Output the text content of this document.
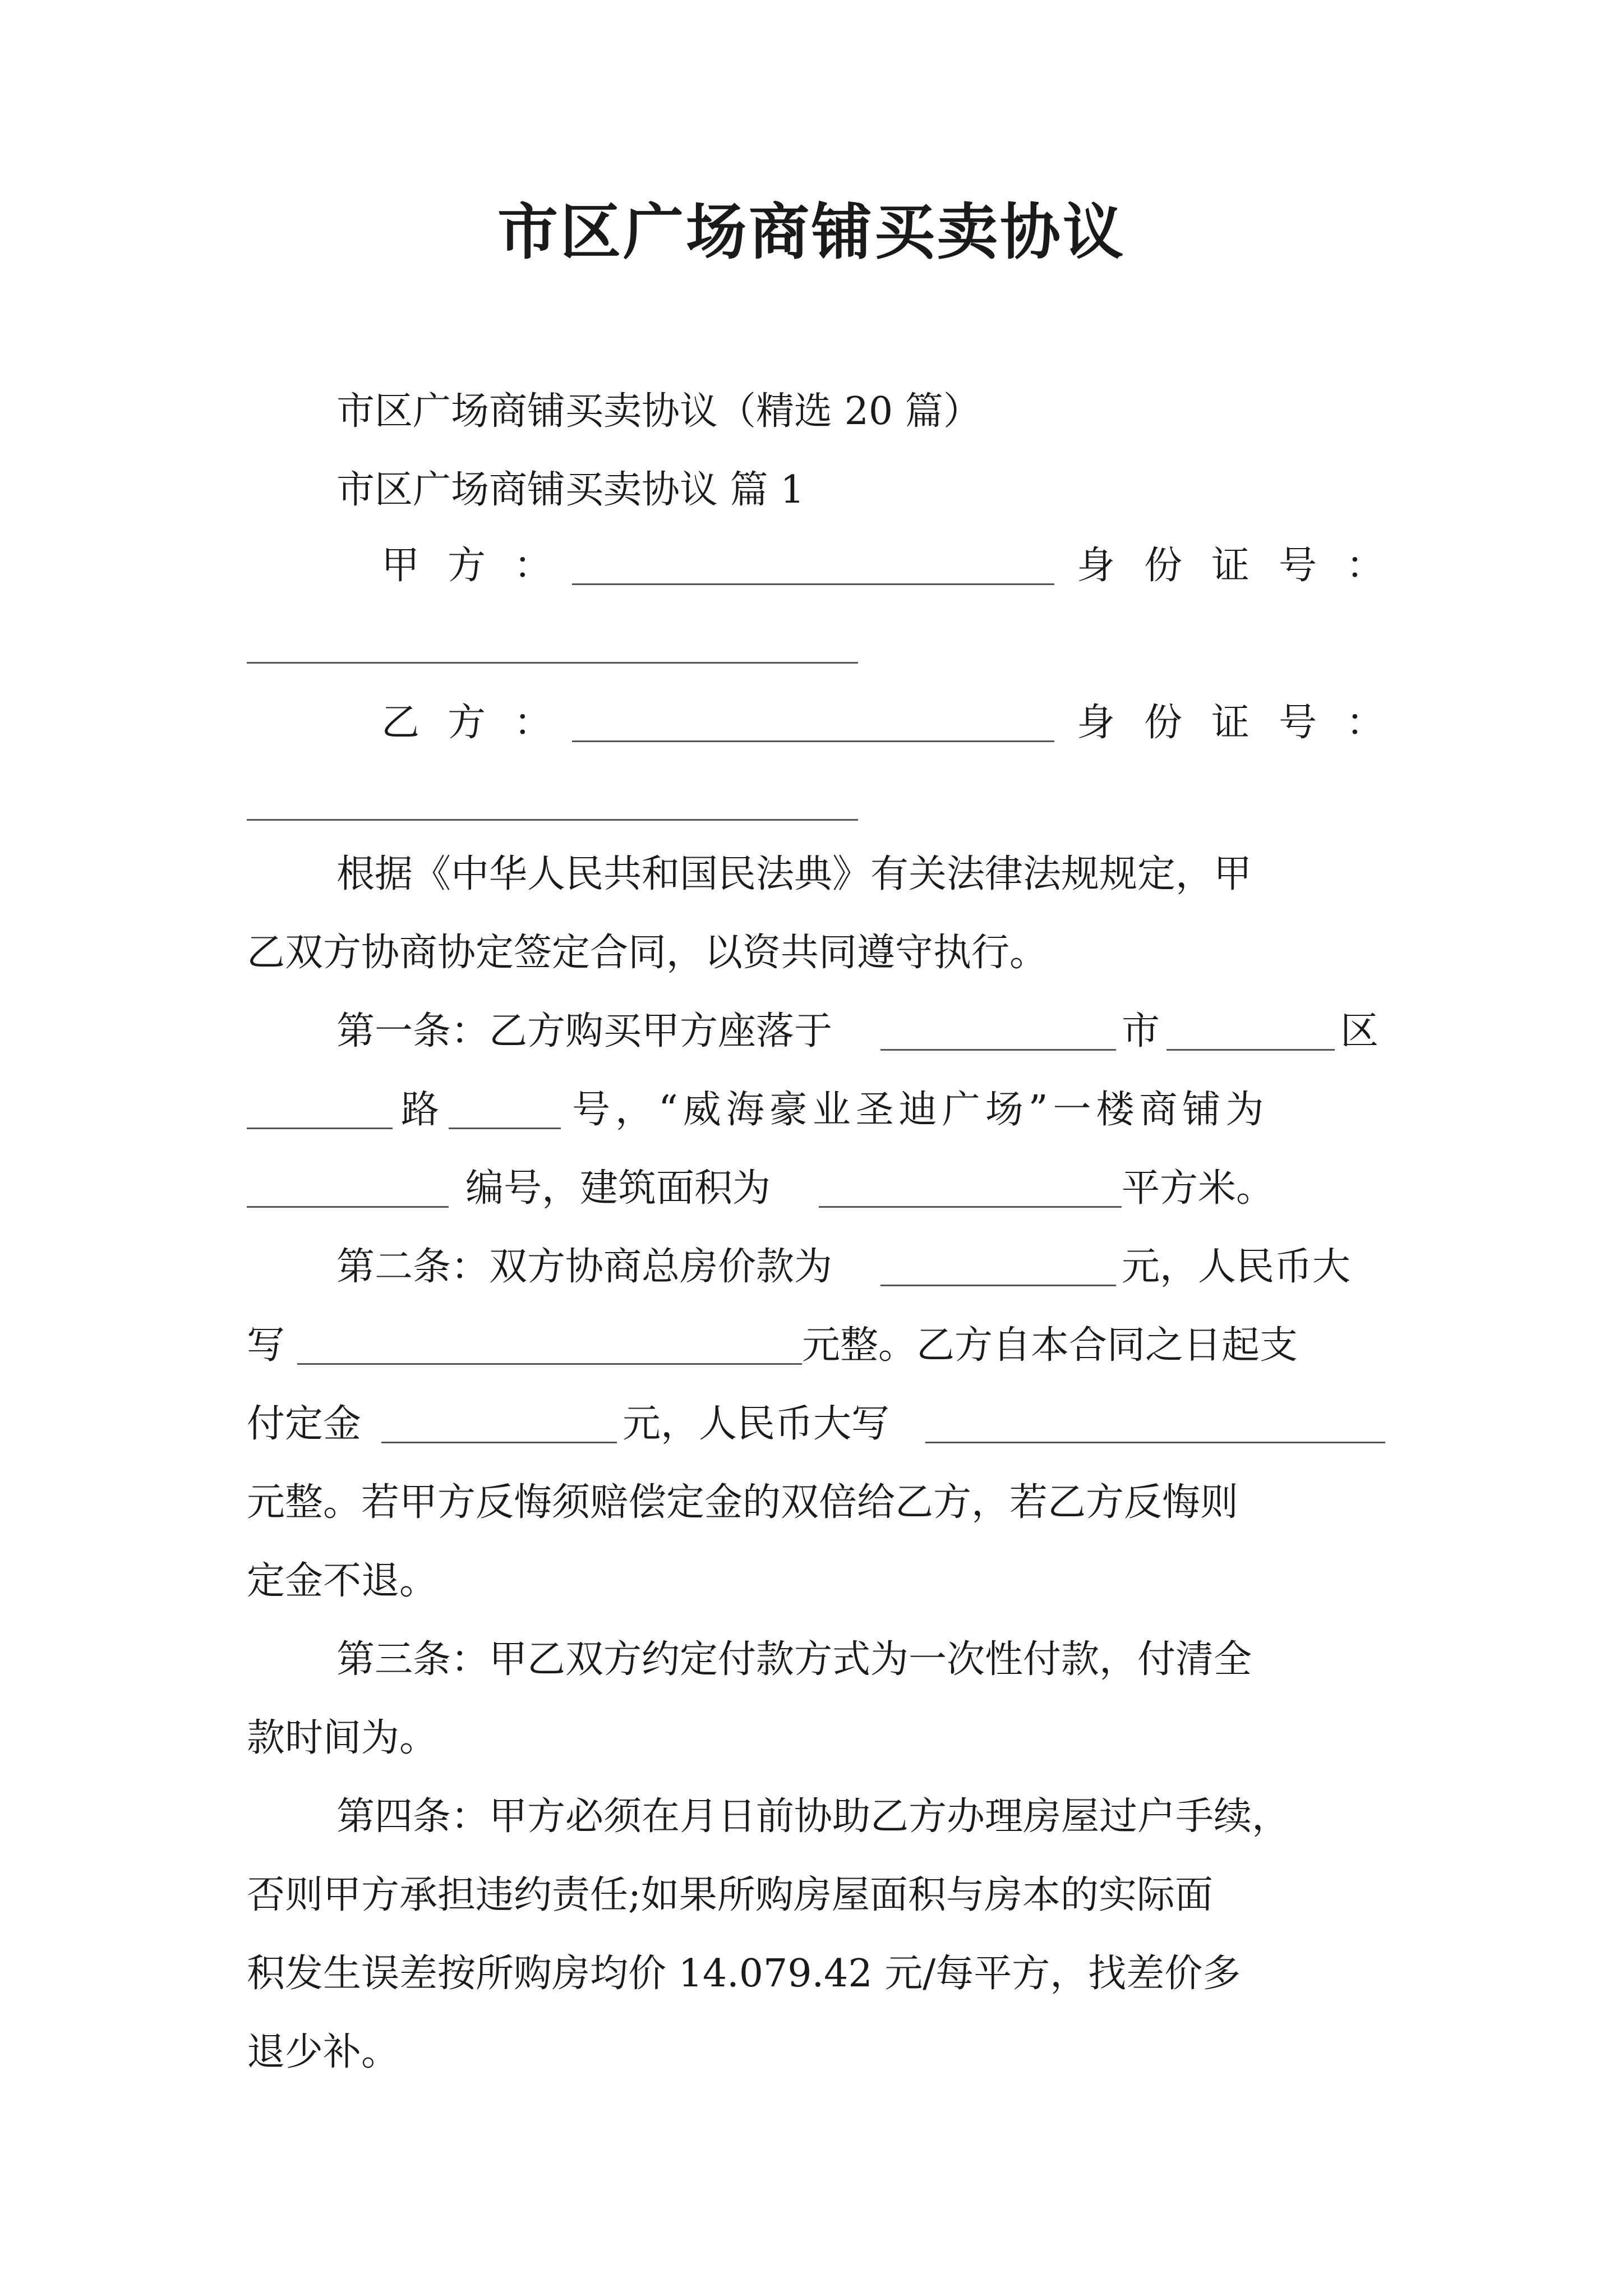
市区广场商铺买卖协议
市区广场商铺买卖协议（精选 20 篇）
市区广场商铺买卖协议 篇 1
甲 方 ：	身 份 证 号 ：
乙 方 ：	身 份 证 号 ：
根据《中华人民共和国民法典》有关法律法规规定，甲
乙双方协商协定签定合同，以资共同遵守执行。
第一条：乙方购买甲方座落于	市	区
路	号，“威海豪业圣迪广场”一楼商铺为
编号，建筑面积为	平方米。
第二条：双方协商总房价款为	元，人民币大
写	元整。乙方自本合同之日起支
付定金	元，人民币大写
元整。若甲方反悔须赔偿定金的双倍给乙方，若乙方反悔则
定金不退。
第三条：甲乙双方约定付款方式为一次性付款，付清全
款时间为。
第四条：甲方必须在月日前协助乙方办理房屋过户手续，
否则甲方承担违约责任;如果所购房屋面积与房本的实际面
积发生误差按所购房均价 14.079.42 元/每平方，找差价多
退少补。
